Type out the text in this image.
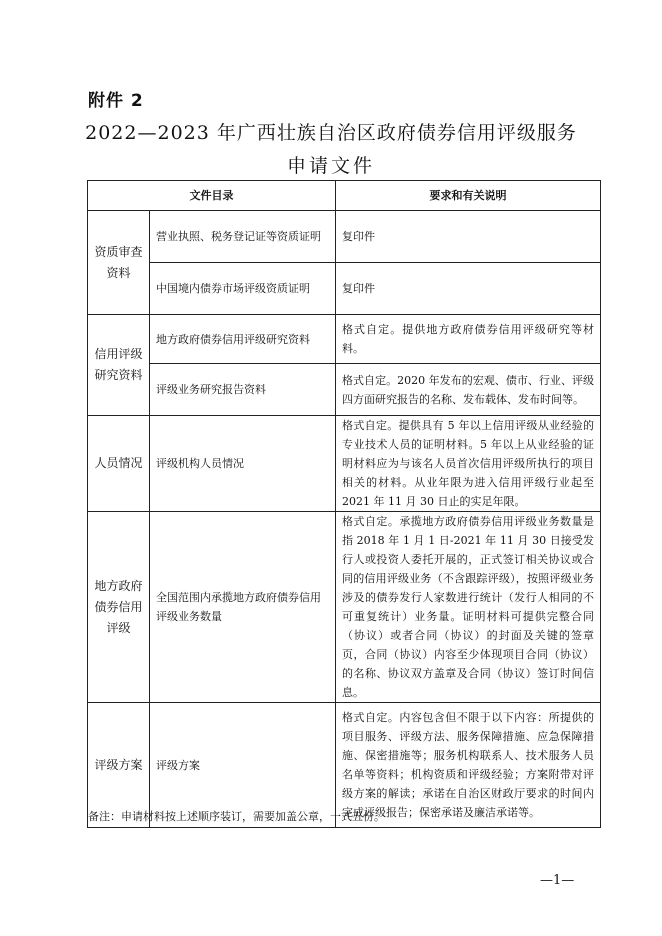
附件 2
2022—2023 年广西壮族自治区政府债券信用评级服务
申请文件
文件目录		要求和有关说明
资质审查资料	营业执照、税务登记证等资质证明	复印件
	中国境内债券市场评级资质证明	复印件
信用评级研究资料	地方政府债券信用评级研究资料	格式自定。提供地方政府债券信用评级研究等材料。
	评级业务研究报告资料	格式自定。2020 年发布的宏观、债市、行业、评级四方面研究报告的名称、发布载体、发布时间等。
人员情况	评级机构人员情况	格式自定。提供具有 5 年以上信用评级从业经验的专业技术人员的证明材料。5 年以上从业经验的证明材料应为与该名人员首次信用评级所执行的项目相关的材料。从业年限为进入信用评级行业起至 2021 年 11 月 30 日止的实足年限。
地方政府债券信用评级	全国范围内承揽地方政府债券信用评级业务数量	格式自定。承揽地方政府债券信用评级业务数量是指 2018 年 1 月 1 日-2021 年 11 月 30 日接受发行人或投资人委托开展的，正式签订相关协议或合同的信用评级业务（不含跟踪评级），按照评级业务涉及的债券发行人家数进行统计（发行人相同的不可重复统计）业务量。证明材料可提供完整合同（协议）或者合同（协议）的封面及关键的签章页，合同（协议）内容至少体现项目合同（协议）的名称、协议双方盖章及合同（协议）签订时间信息。
评级方案	评级方案	格式自定。内容包含但不限于以下内容：所提供的项目服务、评级方法、服务保障措施、应急保障措施、保密措施等；服务机构联系人、技术服务人员名单等资料；机构资质和评级经验；方案附带对评级方案的解读；承诺在自治区财政厅要求的时间内完成评级报告；保密承诺及廉洁承诺等。
备注：申请材料按上述顺序装订，需要加盖公章，一式五份。
—1—
